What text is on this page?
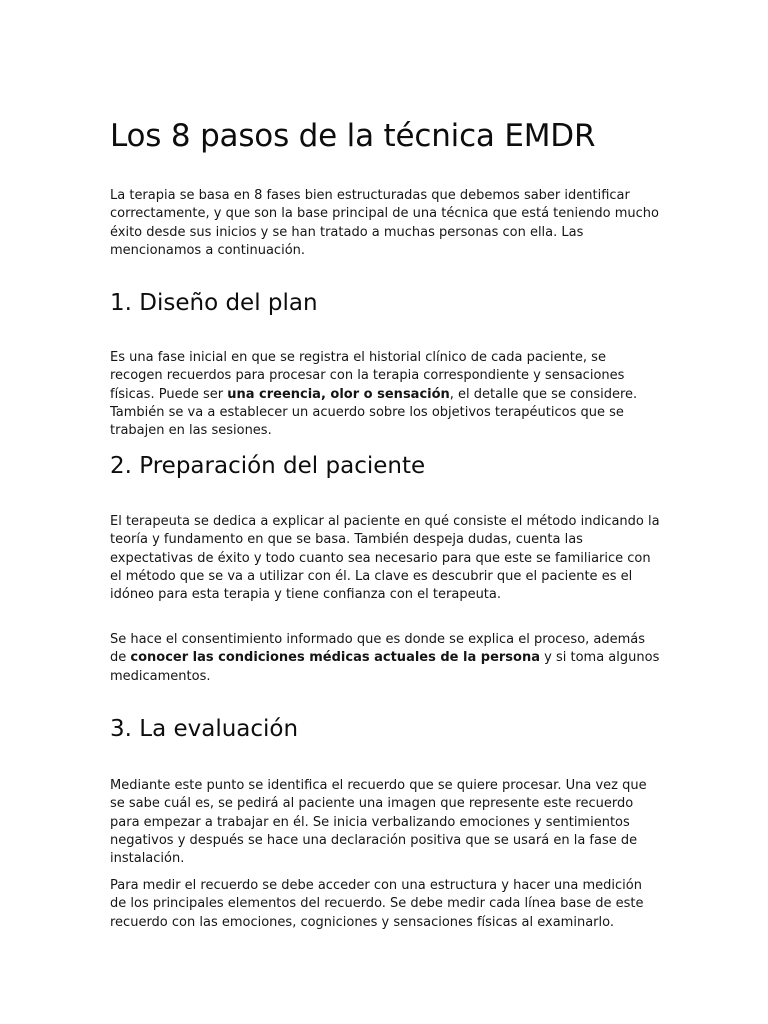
Los 8 pasos de la técnica EMDR

La terapia se basa en 8 fases bien estructuradas que debemos saber identificar correctamente, y que son la base principal de una técnica que está teniendo mucho éxito desde sus inicios y se han tratado a muchas personas con ella. Las mencionamos a continuación.

1. Diseño del plan

Es una fase inicial en que se registra el historial clínico de cada paciente, se recogen recuerdos para procesar con la terapia correspondiente y sensaciones físicas. Puede ser una creencia, olor o sensación, el detalle que se considere. También se va a establecer un acuerdo sobre los objetivos terapéuticos que se trabajen en las sesiones.

2. Preparación del paciente

El terapeuta se dedica a explicar al paciente en qué consiste el método indicando la teoría y fundamento en que se basa. También despeja dudas, cuenta las expectativas de éxito y todo cuanto sea necesario para que este se familiarice con el método que se va a utilizar con él. La clave es descubrir que el paciente es el idóneo para esta terapia y tiene confianza con el terapeuta.

Se hace el consentimiento informado que es donde se explica el proceso, además de conocer las condiciones médicas actuales de la persona y si toma algunos medicamentos.

3. La evaluación

Mediante este punto se identifica el recuerdo que se quiere procesar. Una vez que se sabe cuál es, se pedirá al paciente una imagen que represente este recuerdo para empezar a trabajar en él. Se inicia verbalizando emociones y sentimientos negativos y después se hace una declaración positiva que se usará en la fase de instalación.

Para medir el recuerdo se debe acceder con una estructura y hacer una medición de los principales elementos del recuerdo. Se debe medir cada línea base de este recuerdo con las emociones, cogniciones y sensaciones físicas al examinarlo.
